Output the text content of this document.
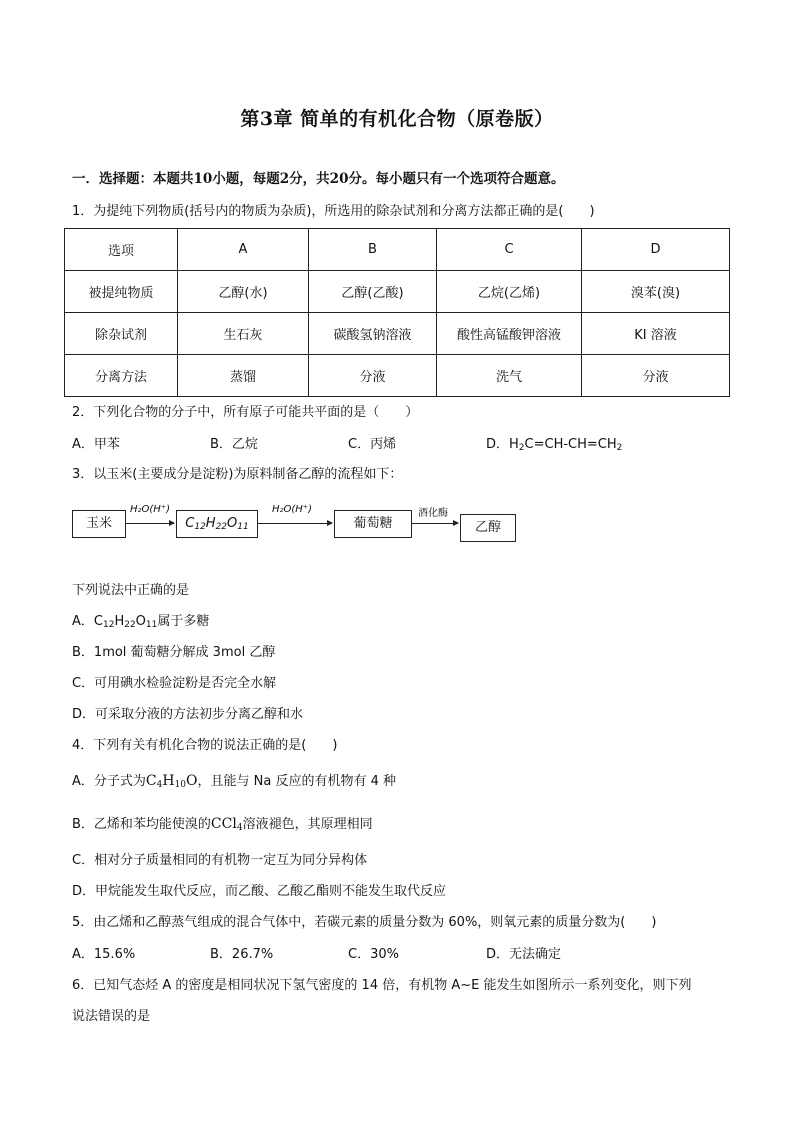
第3章 简单的有机化合物（原卷版）
一．选择题：本题共10小题，每题2分，共20分。每小题只有一个选项符合题意。
1．为提纯下列物质(括号内的物质为杂质)，所选用的除杂试剂和分离方法都正确的是(　　)
选项	A	B	C	D
被提纯物质	乙醇(水)	乙醇(乙酸)	乙烷(乙烯)	溴苯(溴)
除杂试剂	生石灰	碳酸氢钠溶液	酸性高锰酸钾溶液	KI 溶液
分离方法	蒸馏	分液	洗气	分液
2．下列化合物的分子中，所有原子可能共平面的是（　　）
A．甲苯	B．乙烷	C．丙烯	D．$H_2C=CH-CH=CH_2$
3．以玉米(主要成分是淀粉)为原料制备乙醇的流程如下：
玉米
H₂O(H⁺)
$C_{12}H_{22}O_{11}$
H₂O(H⁺)
葡萄糖
酒化酶
乙醇
下列说法中正确的是
A．$C_{12}H_{22}O_{11}$属于多糖
B．1mol 葡萄糖分解成 3mol 乙醇
C．可用碘水检验淀粉是否完全水解
D．可采取分液的方法初步分离乙醇和水
4．下列有关有机化合物的说法正确的是(　　)
A．分子式为$C_4H_{10}O$，且能与 Na 反应的有机物有 4 种
B．乙烯和苯均能使溴的CCl$_4$溶液褪色，其原理相同
C．相对分子质量相同的有机物一定互为同分异构体
D．甲烷能发生取代反应，而乙酸、乙酸乙酯则不能发生取代反应
5．由乙烯和乙醇蒸气组成的混合气体中，若碳元素的质量分数为 60%，则氧元素的质量分数为(　　)
A．15.6%	B．26.7%	C．30%	D．无法确定
6．已知气态烃 A 的密度是相同状况下氢气密度的 14 倍，有机物 A~E 能发生如图所示一系列变化，则下列
说法错误的是
